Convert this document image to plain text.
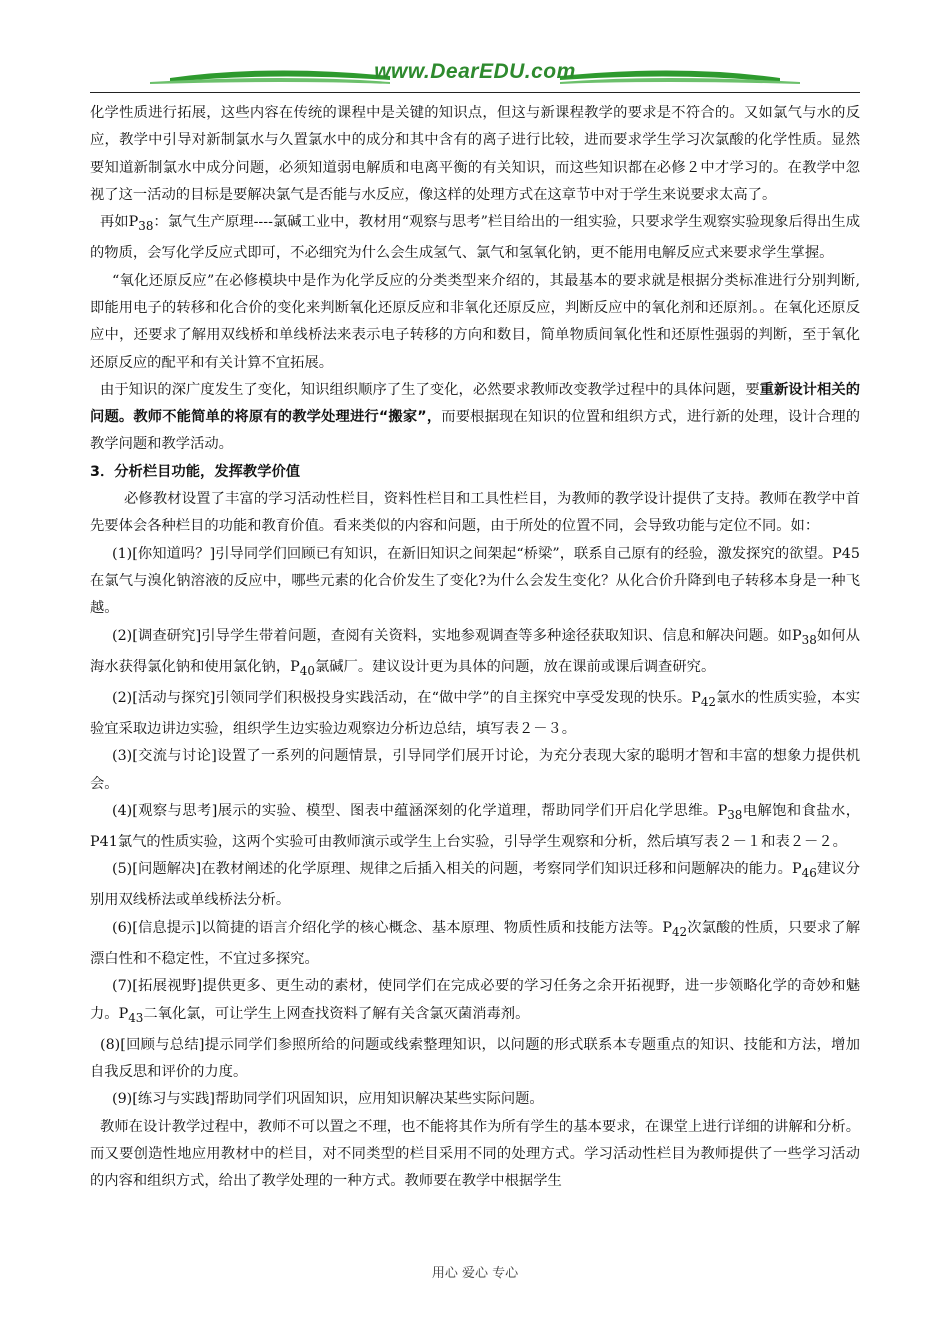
www.DearEDU.com

化学性质进行拓展，这些内容在传统的课程中是关键的知识点，但这与新课程教学的要求是不符合的。又如氯气与水的反应，教学中引导对新制氯水与久置氯水中的成分和其中含有的离子进行比较，进而要求学生学习次氯酸的化学性质。显然要知道新制氯水中成分问题，必须知道弱电解质和电离平衡的有关知识，而这些知识都在必修２中才学习的。在教学中忽视了这一活动的目标是要解决氯气是否能与水反应，像这样的处理方式在这章节中对于学生来说要求太高了。

再如$P_{38}$：氯气生产原理----氯碱工业中，教材用“观察与思考”栏目给出的一组实验，只要求学生观察实验现象后得出生成的物质，会写化学反应式即可，不必细究为什么会生成氢气、氯气和氢氧化钠，更不能用电解反应式来要求学生掌握。

“氧化还原反应”在必修模块中是作为化学反应的分类类型来介绍的，其最基本的要求就是根据分类标准进行分别判断,即能用电子的转移和化合价的变化来判断氧化还原反应和非氧化还原反应，判断反应中的氧化剂和还原剂。。在氧化还原反应中，还要求了解用双线桥和单线桥法来表示电子转移的方向和数目，简单物质间氧化性和还原性强弱的判断，至于氧化还原反应的配平和有关计算不宜拓展。

由于知识的深广度发生了变化，知识组织顺序了生了变化，必然要求教师改变教学过程中的具体问题，要重新设计相关的问题。教师不能简单的将原有的教学处理进行“搬家”，而要根据现在知识的位置和组织方式，进行新的处理，设计合理的教学问题和教学活动。

3．分析栏目功能，发挥教学价值

必修教材设置了丰富的学习活动性栏目，资料性栏目和工具性栏目，为教师的教学设计提供了支持。教师在教学中首先要体会各种栏目的功能和教育价值。看来类似的内容和问题，由于所处的位置不同，会导致功能与定位不同。如：

(1)[你知道吗？]引导同学们回顾已有知识，在新旧知识之间架起“桥梁”，联系自己原有的经验，激发探究的欲望。P45在氯气与溴化钠溶液的反应中，哪些元素的化合价发生了变化?为什么会发生变化？从化合价升降到电子转移本身是一种飞越。

(2)[调查研究]引导学生带着问题，查阅有关资料，实地参观调查等多种途径获取知识、信息和解决问题。如$P_{38}$如何从海水获得氯化钠和使用氯化钠，$P_{40}$氯碱厂。建议设计更为具体的问题，放在课前或课后调查研究。

(2)[活动与探究]引领同学们积极投身实践活动，在“做中学”的自主探究中享受发现的快乐。$P_{42}$氯水的性质实验，本实验宜采取边讲边实验，组织学生边实验边观察边分析边总结，填写表２－３。

(3)[交流与讨论]设置了一系列的问题情景，引导同学们展开讨论，为充分表现大家的聪明才智和丰富的想象力提供机会。

(4)[观察与思考]展示的实验、模型、图表中蕴涵深刻的化学道理，帮助同学们开启化学思维。$P_{38}$电解饱和食盐水，P41氯气的性质实验，这两个实验可由教师演示或学生上台实验，引导学生观察和分析，然后填写表２－１和表２－２。

(5)[问题解决]在教材阐述的化学原理、规律之后插入相关的问题，考察同学们知识迁移和问题解决的能力。$P_{46}$建议分别用双线桥法或单线桥法分析。

(6)[信息提示]以简捷的语言介绍化学的核心概念、基本原理、物质性质和技能方法等。$P_{42}$次氯酸的性质，只要求了解漂白性和不稳定性，不宜过多探究。

(7)[拓展视野]提供更多、更生动的素材，使同学们在完成必要的学习任务之余开拓视野，进一步领略化学的奇妙和魅力。$P_{43}$二氧化氯，可让学生上网查找资料了解有关含氯灭菌消毒剂。

(8)[回顾与总结]提示同学们参照所给的问题或线索整理知识，以问题的形式联系本专题重点的知识、技能和方法，增加自我反思和评价的力度。

(9)[练习与实践]帮助同学们巩固知识，应用知识解决某些实际问题。

教师在设计教学过程中，教师不可以置之不理，也不能将其作为所有学生的基本要求，在课堂上进行详细的讲解和分析。而又要创造性地应用教材中的栏目，对不同类型的栏目采用不同的处理方式。学习活动性栏目为教师提供了一些学习活动的内容和组织方式，给出了教学处理的一种方式。教师要在教学中根据学生

用心 爱心 专心
